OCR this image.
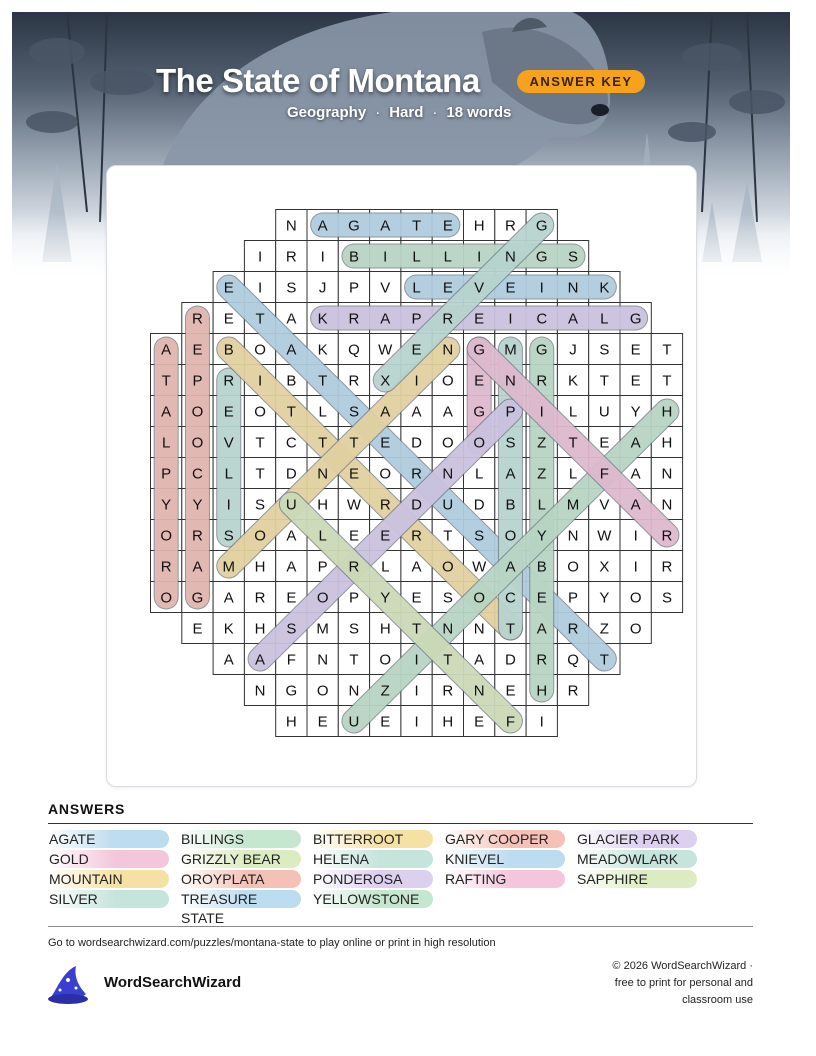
The State of Montana	ANSWER KEY
Geography · Hard · 18 words
N A G A T E H R G
I R I B I L L I N G S
E I S J P V L E V E I N K
R E T A K R A P R E I C A L G
A E B O A K Q W E N G M G J S E T
T P R I B T R X I O E N R K T E T
A O E O T L S A A A G P I L U Y H
L O V T C T T E D O O S Z T E A H
P C L T D N E O R N L A Z L F A N
Y Y I S U H W R D U D B L M V A N
O R S O A L E E R T S O Y N W I R
R A M H A P R L A O W A B O X I R
O G A R E O P Y E S O C E P Y O S
E K H S M S H T N N T A R Z O
A A F N T O I T A D R Q T
N G O N Z I R N E H R
H E U E I H E F I
ANSWERS
AGATE	BILLINGS	BITTERROOT	GARY COOPER	GLACIER PARK
GOLD	GRIZZLY BEAR	HELENA	KNIEVEL	MEADOWLARK
MOUNTAIN	OROYPLATA	PONDEROSA	RAFTING	SAPPHIRE
SILVER	TREASURE STATE
YELLOWSTONE
Go to wordsearchwizard.com/puzzles/montana-state to play online or print in high resolution
WordSearchWizard
© 2026 WordSearchWizard ·
free to print for personal and
classroom use
